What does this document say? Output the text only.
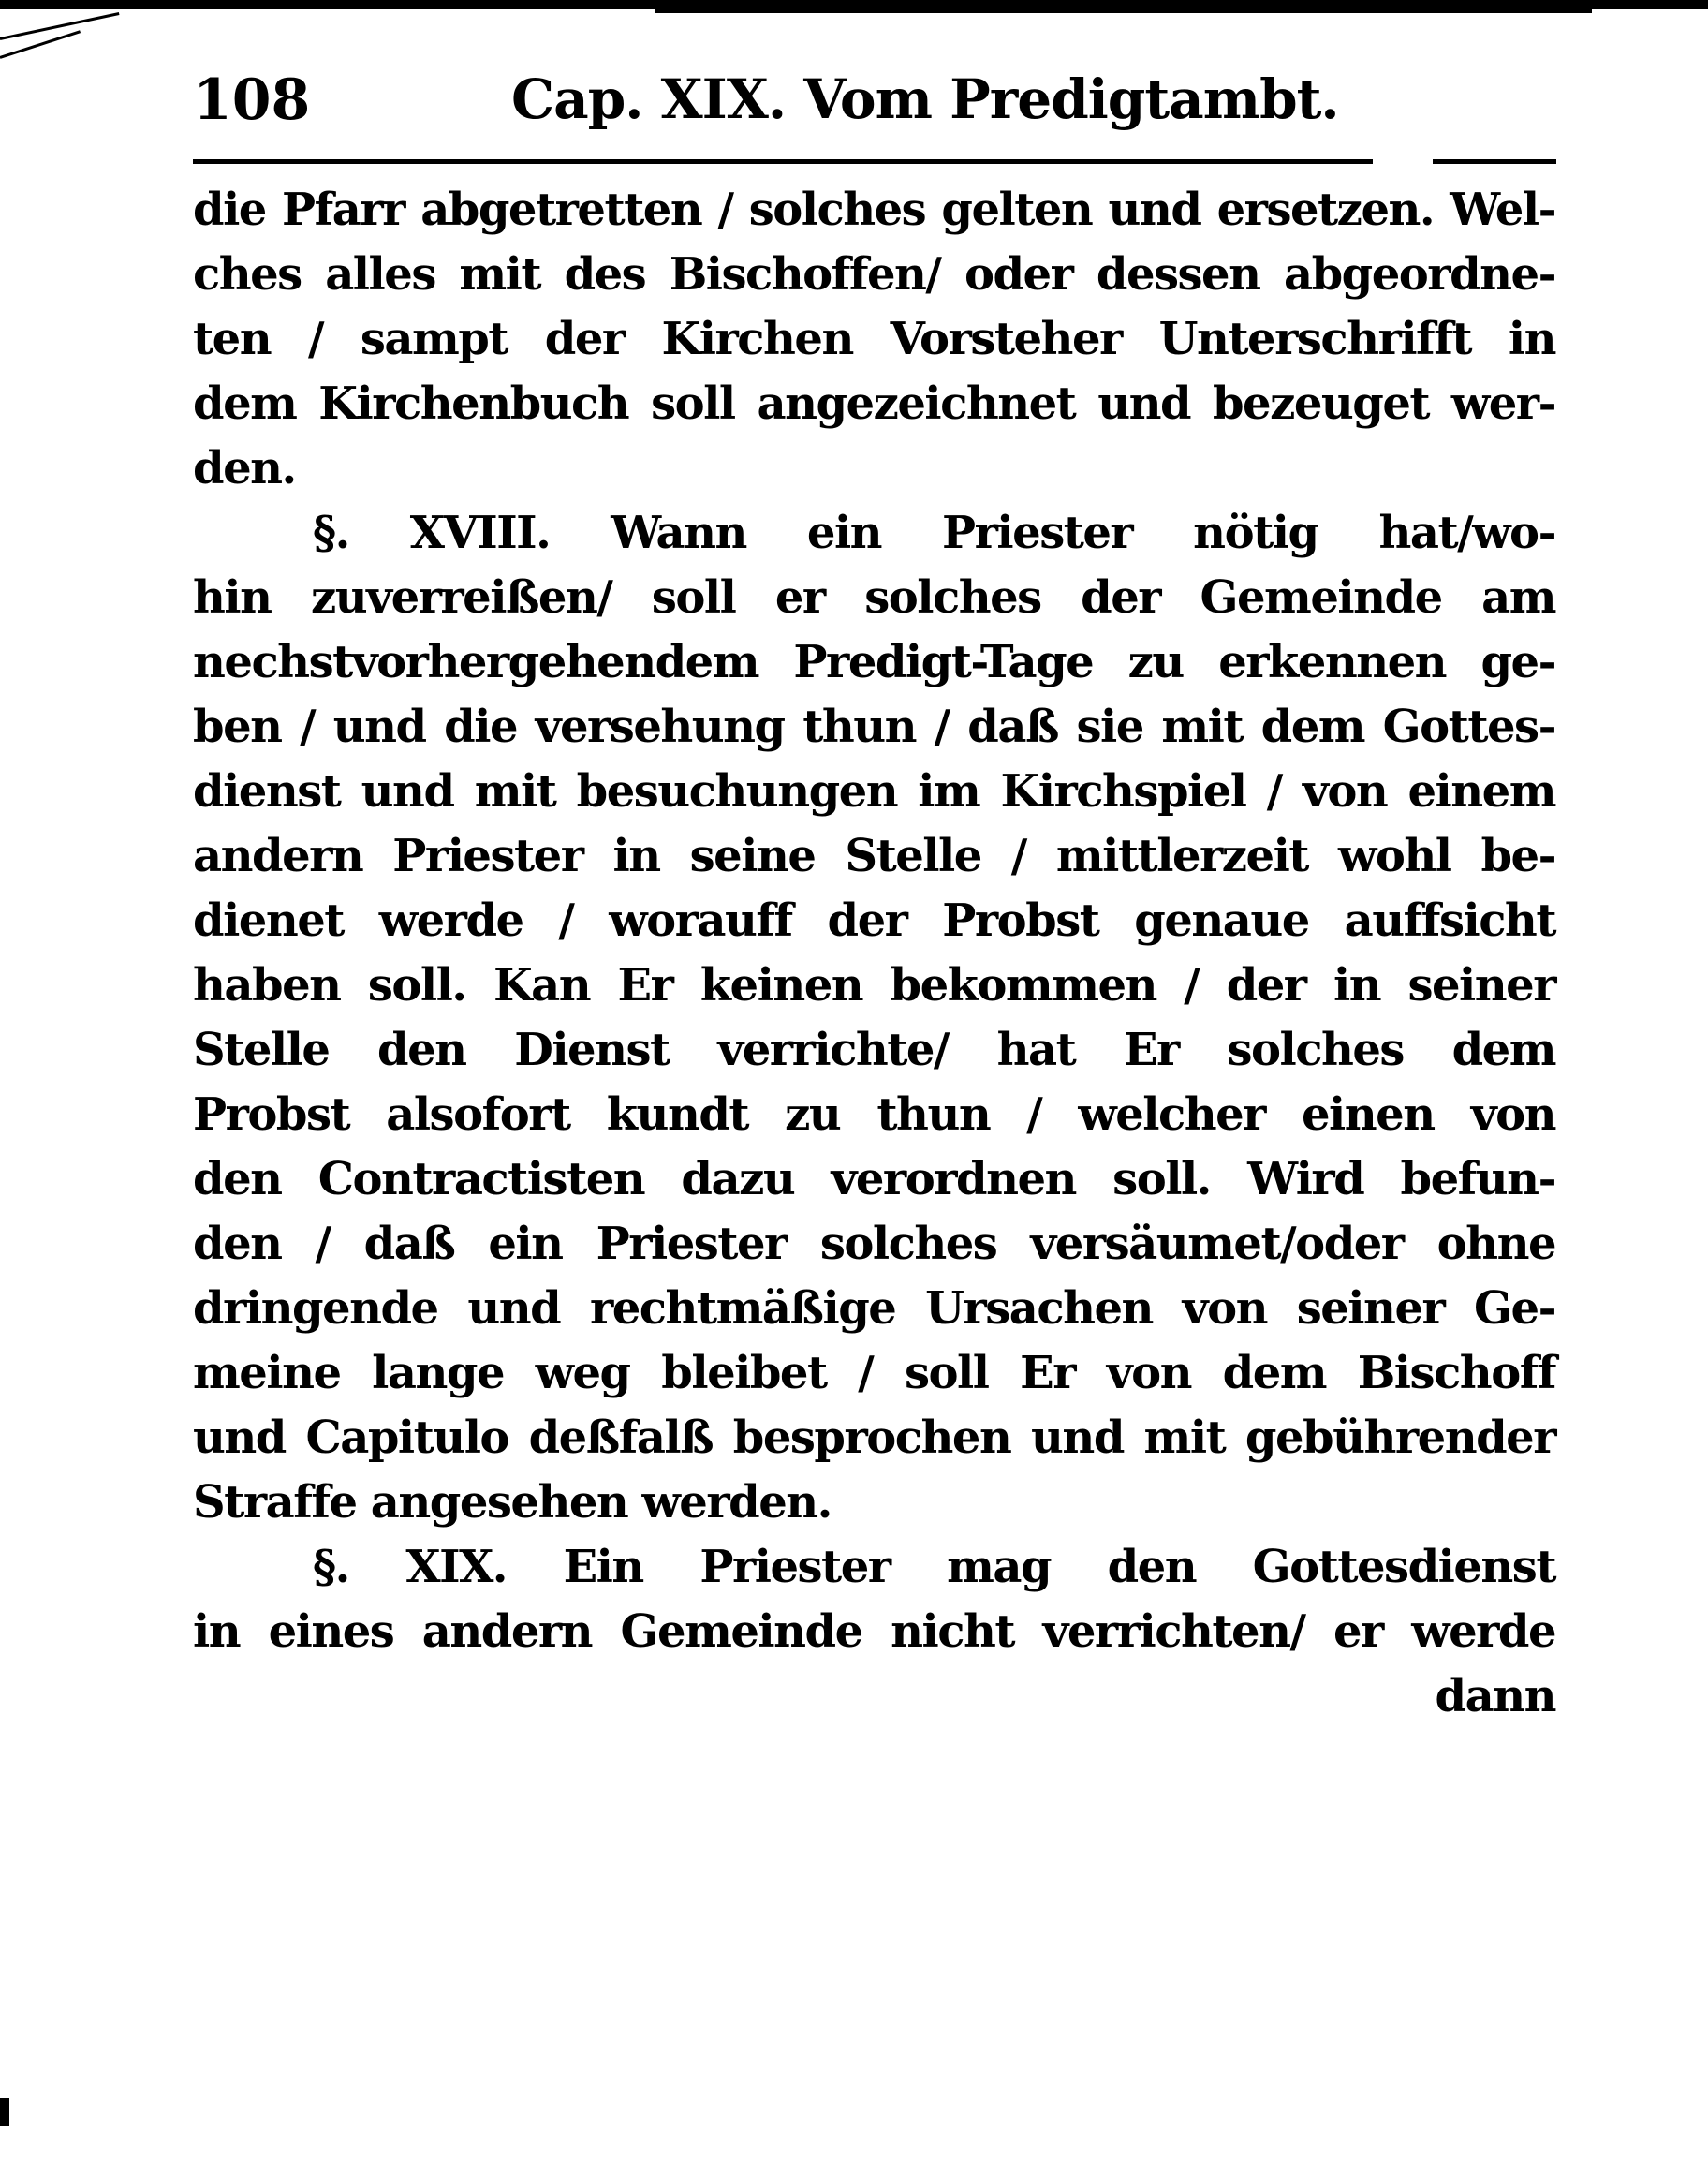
108	Cap. XIX. Vom Predigtambt.
die Pfarr abgetretten / solches gelten und ersetzen. Wel-
ches alles mit des Bischoffen/ oder dessen abgeordne-
ten / sampt der Kirchen Vorsteher Unterschrifft in
dem Kirchenbuch soll angezeichnet und bezeuget wer-
den.
§. XVIII. Wann ein Priester nötig hat/wo-
hin zuverreißen/ soll er solches der Gemeinde am
nechstvorhergehendem Predigt-Tage zu erkennen ge-
ben / und die versehung thun / daß sie mit dem Gottes-
dienst und mit besuchungen im Kirchspiel / von einem
andern Priester in seine Stelle / mittlerzeit wohl be-
dienet werde / worauff der Probst genaue auffsicht
haben soll. Kan Er keinen bekommen / der in seiner
Stelle den Dienst verrichte/ hat Er solches dem
Probst alsofort kundt zu thun / welcher einen von
den Contractisten dazu verordnen soll. Wird befun-
den / daß ein Priester solches versäumet/oder ohne
dringende und rechtmäßige Ursachen von seiner Ge-
meine lange weg bleibet / soll Er von dem Bischoff
und Capitulo deßfalß besprochen und mit gebührender
Straffe angesehen werden.
§. XIX. Ein Priester mag den Gottesdienst
in eines andern Gemeinde nicht verrichten/ er werde
dann
